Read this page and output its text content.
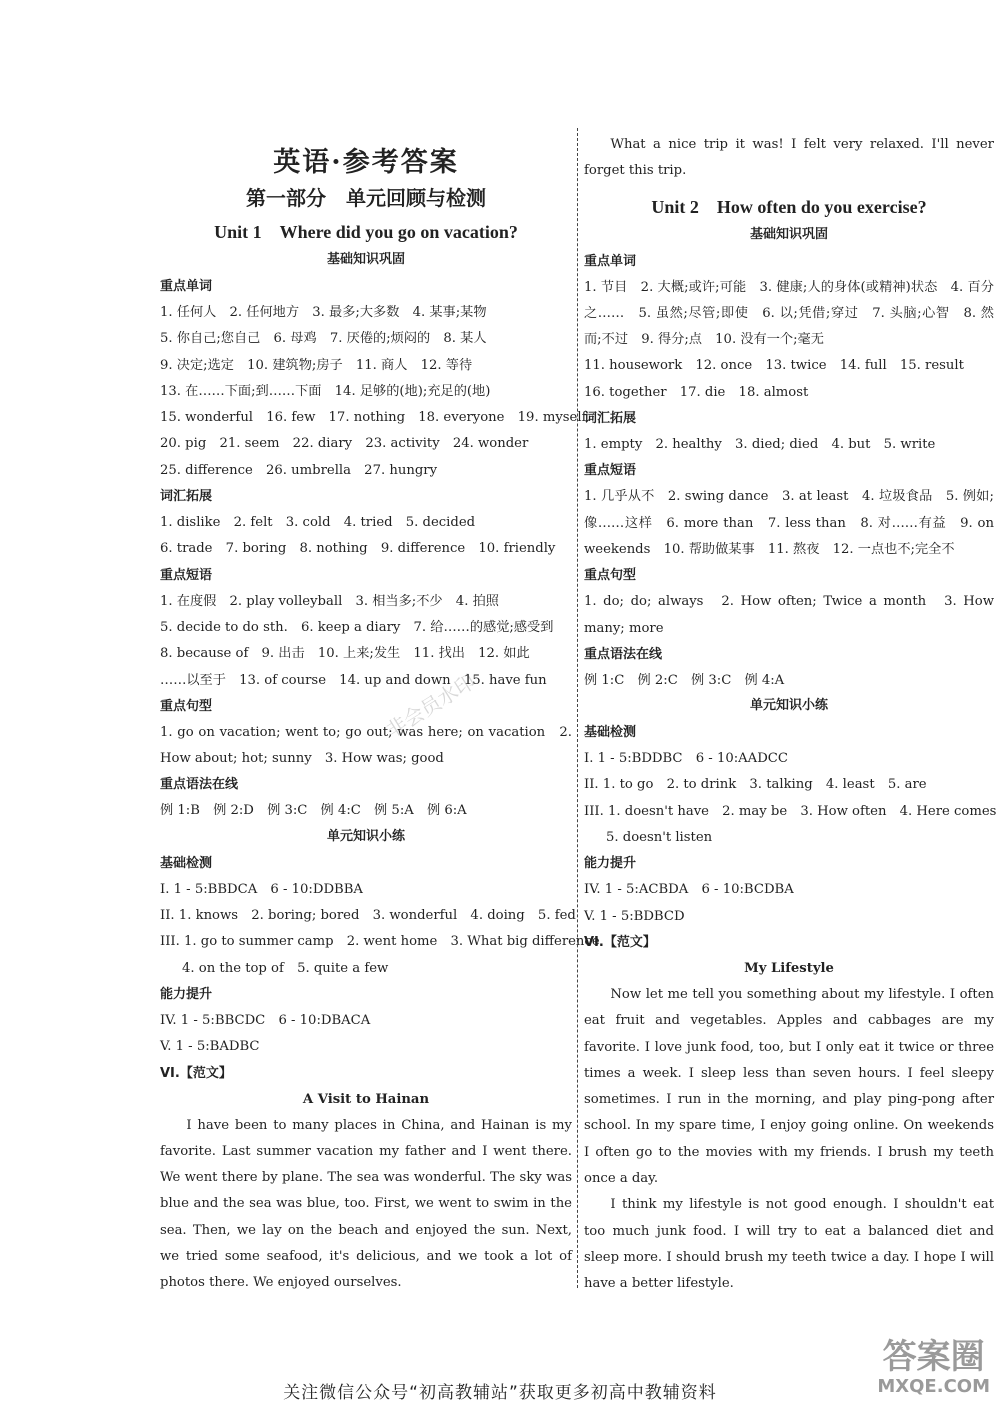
非会员水印
英语·参考答案
第一部分　单元回顾与检测
Unit 1　Where did you go on vacation?
基础知识巩固
重点单词
1. 任何人　2. 任何地方　3. 最多;大多数　4. 某事;某物
5. 你自己;您自己　6. 母鸡　7. 厌倦的;烦闷的　8. 某人
9. 决定;选定　10. 建筑物;房子　11. 商人　12. 等待
13. 在……下面;到……下面　14. 足够的(地);充足的(地)
15. wonderful　16. few　17. nothing　18. everyone　19. myself
20. pig　21. seem　22. diary　23. activity　24. wonder
25. difference　26. umbrella　27. hungry
词汇拓展
1. dislike　2. felt　3. cold　4. tried　5. decided
6. trade　7. boring　8. nothing　9. difference　10. friendly
重点短语
1. 在度假　2. play volleyball　3. 相当多;不少　4. 拍照
5. decide to do sth.　6. keep a diary　7. 给……的感觉;感受到
8. because of　9. 出击　10. 上来;发生　11. 找出　12. 如此
……以至于　13. of course　14. up and down　15. have fun
重点句型
1. go on vacation; went to; go out; was here; on vacation　2. How about; hot; sunny　3. How was; good
重点语法在线
例 1:B　例 2:D　例 3:C　例 4:C　例 5:A　例 6:A
单元知识小练
基础检测
I. 1 - 5:BBDCA　6 - 10:DDBBA
II. 1. knows　2. boring; bored　3. wonderful　4. doing　5. fed
III. 1. go to summer camp　2. went home　3. What big difference
4. on the top of　5. quite a few
能力提升
IV. 1 - 5:BBCDC　6 - 10:DBACA
V. 1 - 5:BADBC
VI.【范文】
A Visit to Hainan

I have been to many places in China, and Hainan is my favorite. Last summer vacation my father and I went there. We went there by plane. The sea was wonderful. The sky was blue and the sea was blue, too. First, we went to swim in the sea. Then, we lay on the beach and enjoyed the sun. Next, we tried some seafood, it's delicious, and we took a lot of photos there. We enjoyed ourselves.

What a nice trip it was! I felt very relaxed. I'll never forget this trip.

Unit 2　How often do you exercise?
基础知识巩固
重点单词
1. 节目　2. 大概;或许;可能　3. 健康;人的身体(或精神)状态　4. 百分之……　5. 虽然;尽管;即使　6. 以;凭借;穿过　7. 头脑;心智　8. 然而;不过　9. 得分;点　10. 没有一个;毫无
11. housework　12. once　13. twice　14. full　15. result
16. together　17. die　18. almost
词汇拓展
1. empty　2. healthy　3. died; died　4. but　5. write
重点短语
1. 几乎从不　2. swing dance　3. at least　4. 垃圾食品　5. 例如;像……这样　6. more than　7. less than　8. 对……有益　9. on weekends　10. 帮助做某事　11. 熬夜　12. 一点也不;完全不
重点句型
1. do; do; always　2. How often; Twice a month　3. How many; more
重点语法在线
例 1:C　例 2:C　例 3:C　例 4:A
单元知识小练
基础检测
I. 1 - 5:BDDBC　6 - 10:AADCC
II. 1. to go　2. to drink　3. talking　4. least　5. are
III. 1. doesn't have　2. may be　3. How often　4. Here comes
5. doesn't listen
能力提升
IV. 1 - 5:ACBDA　6 - 10:BCDBA
V. 1 - 5:BDBCD
VI.【范文】
My Lifestyle

Now let me tell you something about my lifestyle. I often eat fruit and vegetables. Apples and cabbages are my favorite. I love junk food, too, but I only eat it twice or three times a week. I sleep less than seven hours. I feel sleepy sometimes. I run in the morning, and play ping-pong after school. In my spare time, I enjoy going online. On weekends I often go to the movies with my friends. I brush my teeth once a day.

I think my lifestyle is not good enough. I shouldn't eat too much junk food. I will try to eat a balanced diet and sleep more. I should brush my teeth twice a day. I hope I will have a better lifestyle.

关注微信公众号“初高教辅站”获取更多初高中教辅资料
答案圈
MXQE.COM
